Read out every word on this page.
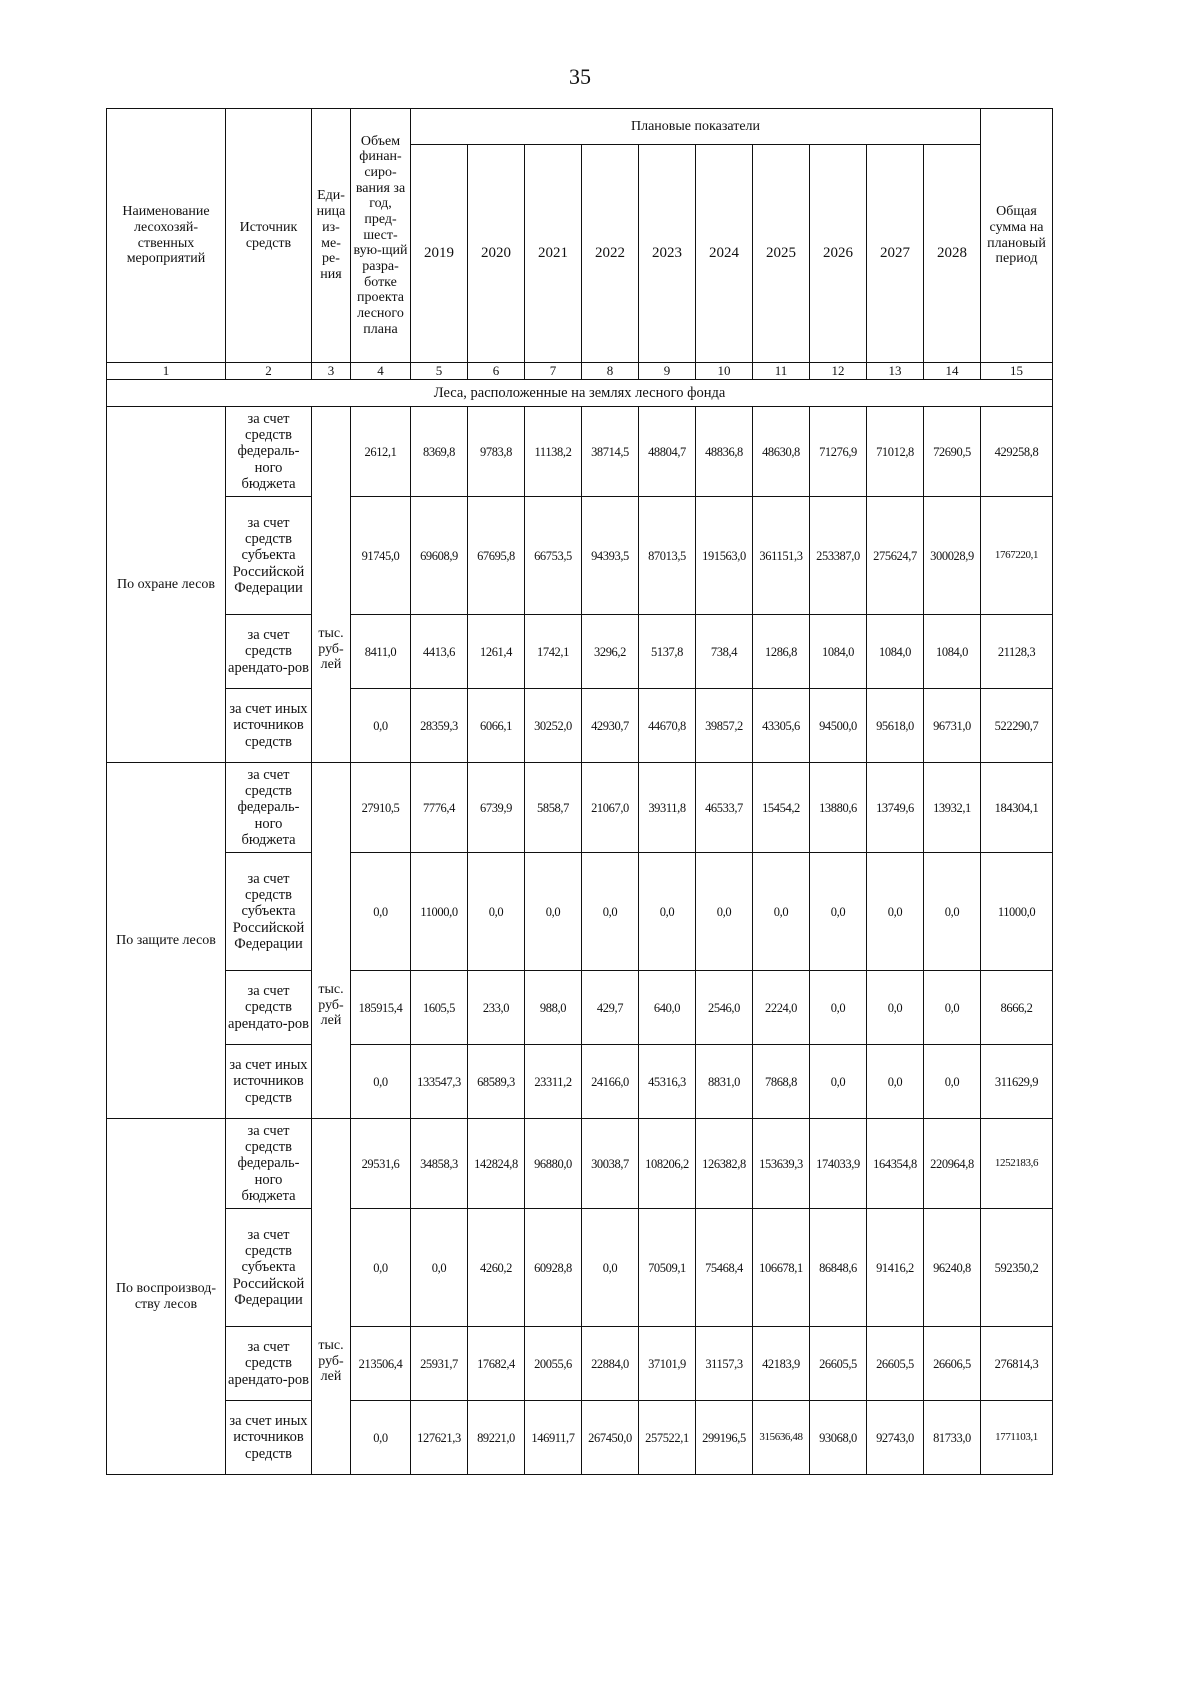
35
Наименование лесохозяй-ственных мероприятий	Источник средств	Еди-ница из-ме-ре-ния	Объем финан-сиро-вания за год, пред-шест-вую-щий разра-ботке проекта лесного плана	Плановые показатели										Общая сумма на плановый период
				2019	2020	2021	2022	2023	2024	2025	2026	2027	2028	
1	2	3	4	5	6	7	8	9	10	11	12	13	14	15
Леса, расположенные на землях лесного фонда														
По охране лесов	за счет средств федераль-ного бюджета	тыс. руб-лей	2612,1	8369,8	9783,8	11138,2	38714,5	48804,7	48836,8	48630,8	71276,9	71012,8	72690,5	429258,8
	за счет средств субъекта Российской Федерации		91745,0	69608,9	67695,8	66753,5	94393,5	87013,5	191563,0	361151,3	253387,0	275624,7	300028,9	1767220,1
	за счет средств арендато-ров		8411,0	4413,6	1261,4	1742,1	3296,2	5137,8	738,4	1286,8	1084,0	1084,0	1084,0	21128,3
	за счет иных источников средств		0,0	28359,3	6066,1	30252,0	42930,7	44670,8	39857,2	43305,6	94500,0	95618,0	96731,0	522290,7
По защите лесов	за счет средств федераль-ного бюджета	тыс. руб-лей	27910,5	7776,4	6739,9	5858,7	21067,0	39311,8	46533,7	15454,2	13880,6	13749,6	13932,1	184304,1
	за счет средств субъекта Российской Федерации		0,0	11000,0	0,0	0,0	0,0	0,0	0,0	0,0	0,0	0,0	0,0	11000,0
	за счет средств арендато-ров		185915,4	1605,5	233,0	988,0	429,7	640,0	2546,0	2224,0	0,0	0,0	0,0	8666,2
	за счет иных источников средств		0,0	133547,3	68589,3	23311,2	24166,0	45316,3	8831,0	7868,8	0,0	0,0	0,0	311629,9
По воспроизвод-ству лесов	за счет средств федераль-ного бюджета	тыс. руб-лей	29531,6	34858,3	142824,8	96880,0	30038,7	108206,2	126382,8	153639,3	174033,9	164354,8	220964,8	1252183,6
	за счет средств субъекта Российской Федерации		0,0	0,0	4260,2	60928,8	0,0	70509,1	75468,4	106678,1	86848,6	91416,2	96240,8	592350,2
	за счет средств арендато-ров		213506,4	25931,7	17682,4	20055,6	22884,0	37101,9	31157,3	42183,9	26605,5	26605,5	26606,5	276814,3
	за счет иных источников средств		0,0	127621,3	89221,0	146911,7	267450,0	257522,1	299196,5	315636,48	93068,0	92743,0	81733,0	1771103,1
